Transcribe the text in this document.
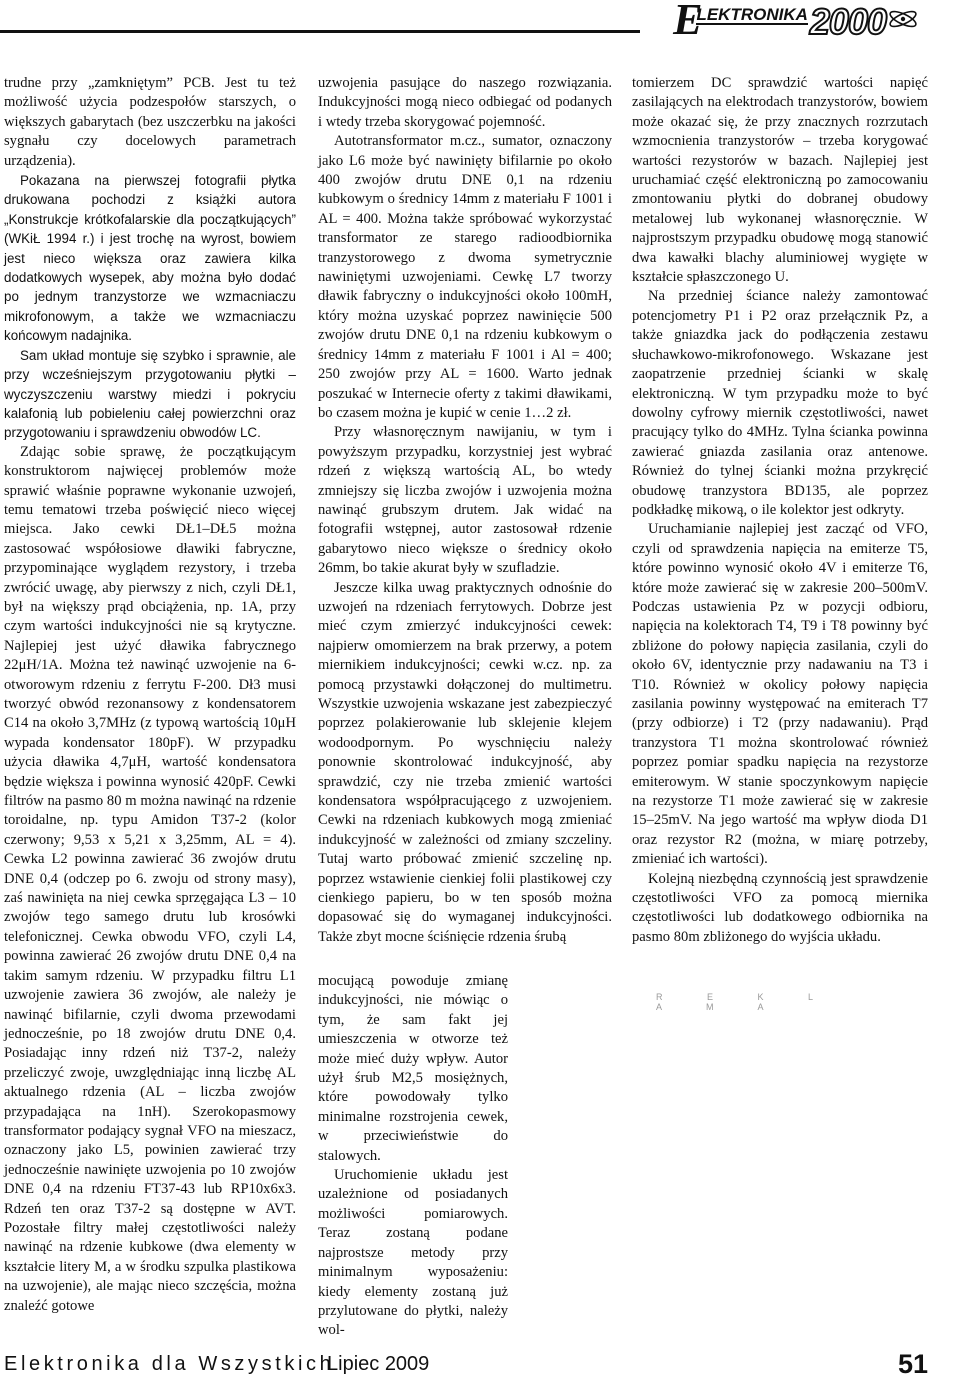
E
LEKTRONIKA 2000

trudne przy „zamkniętym” PCB. Jest tu też możliwość użycia podzespołów starszych, o większych gabarytach (bez uszczerbku na jakości sygnału czy docelowych parametrach urządzenia).

Pokazana na pierwszej fotografii płytka drukowana pochodzi z książki autora „Konstrukcje krótkofalarskie dla początkujących” (WKiŁ 1994 r.) i jest trochę na wyrost, bowiem jest nieco większa oraz zawiera kilka dodatkowych wysepek, aby można było dodać po jednym tranzystorze we wzmacniaczu mikrofonowym, a także we wzmacniaczu końcowym nadajnika.

Sam układ montuje się szybko i sprawnie, ale przy wcześniejszym przygotowaniu płytki – wyczyszczeniu warstwy miedzi i pokryciu kalafonią lub pobieleniu całej powierzchni oraz przygotowaniu i sprawdzeniu obwodów LC.

Zdając sobie sprawę, że początkującym konstruktorom najwięcej problemów może sprawić właśnie poprawne wykonanie uzwojeń, temu tematowi trzeba poświęcić nieco więcej miejsca. Jako cewki DŁ1–DŁ5 można zastosować współosiowe dławiki fabryczne, przypominające wyglądem rezystory, i trzeba zwrócić uwagę, aby pierwszy z nich, czyli DŁ1, był na większy prąd obciążenia, np. 1A, przy czym wartości indukcyjności nie są krytyczne. Najlepiej jest użyć dławika fabrycznego 22μH/1A. Można też nawinąć uzwojenie na 6-otworowym rdzeniu z ferrytu F-200. Dł3 musi tworzyć obwód rezonansowy z kondensatorem C14 na około 3,7MHz (z typową wartością 10μH wypada kondensator 180pF). W przypadku użycia dławika 4,7μH, wartość kondensatora będzie większa i powinna wynosić 420pF. Cewki filtrów na pasmo 80 m można nawinąć na rdzenie toroidalne, np. typu Amidon T37-2 (kolor czerwony; 9,53 x 5,21 x 3,25mm, AL = 4). Cewka L2 powinna zawierać 36 zwojów drutu DNE 0,4 (odczep po 6. zwoju od strony masy), zaś nawinięta na niej cewka sprzęgająca L3 – 10 zwojów tego samego drutu lub krosówki telefonicznej. Cewka obwodu VFO, czyli L4, powinna zawierać 26 zwojów drutu DNE 0,4 na takim samym rdzeniu. W przypadku filtru L1 uzwojenie zawiera 36 zwojów, ale należy je nawinąć bifilarnie, czyli dwoma przewodami jednocześnie, po 18 zwojów drutu DNE 0,4. Posiadając inny rdzeń niż T37-2, należy przeliczyć zwoje, uwzględniając inną liczbę AL aktualnego rdzenia (AL – liczba zwojów przypadająca na 1nH). Szerokopasmowy transformator podający sygnał VFO na mieszacz, oznaczony jako L5, powinien zawierać trzy jednocześnie nawinięte uzwojenia po 10 zwojów DNE 0,4 na rdzeniu FT37-43 lub RP10x6x3. Rdzeń ten oraz T37-2 są dostępne w AVT. Pozostałe filtry małej częstotliwości należy nawinąć na rdzenie kubkowe (dwa elementy w kształcie litery M, a w środku szpulka plastikowa na uzwojenie), ale mając nieco szczęścia, można znaleźć gotowe

uzwojenia pasujące do naszego rozwiązania. Indukcyjności mogą nieco odbiegać od podanych i wtedy trzeba skorygować pojemność.

Autotransformator m.cz., sumator, oznaczony jako L6 może być nawinięty bifilarnie po około 400 zwojów drutu DNE 0,1 na rdzeniu kubkowym o średnicy 14mm z materiału F 1001 i AL = 400. Można także spróbować wykorzystać transformator ze starego radioodbiornika tranzystorowego z dwoma symetrycznie nawiniętymi uzwojeniami. Cewkę L7 tworzy dławik fabryczny o indukcyjności około 100mH, który można uzyskać poprzez nawinięcie 500 zwojów drutu DNE 0,1 na rdzeniu kubkowym o średnicy 14mm z materiału F 1001 i Al = 400; 250 zwojów przy AL = 1600. Warto jednak poszukać w Internecie oferty z takimi dławikami, bo czasem można je kupić w cenie 1…2 zł.

Przy własnoręcznym nawijaniu, w tym i powyższym przypadku, korzystniej jest wybrać rdzeń z większą wartością AL, bo wtedy zmniejszy się liczba zwojów i uzwojenia można nawinąć grubszym drutem. Jak widać na fotografii wstępnej, autor zastosował rdzenie gabarytowo nieco większe o średnicy około 26mm, bo takie akurat były w szufladzie.

Jeszcze kilka uwag praktycznych odnośnie do uzwojeń na rdzeniach ferrytowych. Dobrze jest mieć czym zmierzyć indukcyjności cewek: najpierw omomierzem na brak przerwy, a potem miernikiem indukcyjności; cewki w.cz. np. za pomocą przystawki dołączonej do multimetru. Wszystkie uzwojenia wskazane jest zabezpieczyć poprzez polakierowanie lub sklejenie klejem wodoodpornym. Po wyschnięciu należy ponownie skontrolować indukcyjność, aby sprawdzić, czy nie trzeba zmienić wartości kondensatora współpracującego z uzwojeniem. Cewki na rdzeniach kubkowych mogą zmieniać indukcyjność w zależności od zmiany szczeliny. Tutaj warto próbować zmienić szczelinę np. poprzez wstawienie cienkiej folii plastikowej czy cienkiego papieru, bo w ten sposób można dopasować się do wymaganej indukcyjności. Także zbyt mocne ściśnięcie rdzenia śrubą

mocującą powoduje zmianę indukcyjności, nie mówiąc o tym, że sam fakt jej umieszczenia w otworze też może mieć duży wpływ. Autor użył śrub M2,5 mosiężnych, które powodowały tylko minimalne rozstrojenia cewek, w przeciwieństwie do stalowych.

Uruchomienie układu jest uzależnione od posiadanych możliwości pomiarowych. Teraz zostaną podane najprostsze metody przy minimalnym wyposażeniu: kiedy elementy zostaną już przylutowane do płytki, należy wol-

tomierzem DC sprawdzić wartości napięć zasilających na elektrodach tranzystorów, bowiem może okazać się, że przy znacznych rozrzutach wzmocnienia tranzystorów – trzeba korygować wartości rezystorów w bazach. Najlepiej jest uruchamiać część elektroniczną po zamocowaniu zmontowaniu płytki do dobranej obudowy metalowej lub wykonanej własnoręcznie. W najprostszym przypadku obudowę mogą stanowić dwa kawałki blachy aluminiowej wygięte w kształcie spłaszczonego U.

Na przedniej ściance należy zamontować potencjometry P1 i P2 oraz przełącznik Pz, a także gniazdka jack do podłączenia zestawu słuchawkowo-mikrofonowego. Wskazane jest zaopatrzenie przedniej ścianki w skalę elektroniczną. W tym przypadku może to być dowolny cyfrowy miernik częstotliwości, nawet pracujący tylko do 4MHz. Tylna ścianka powinna zawierać gniazda zasilania oraz antenowe. Również do tylnej ścianki można przykręcić obudowę tranzystora BD135, ale poprzez podkładkę mikową, o ile kolektor jest odkryty.

Uruchamianie najlepiej jest zacząć od VFO, czyli od sprawdzenia napięcia na emiterze T5, które powinno wynosić około 4V i emiterze T6, które może zawierać się w zakresie 200–500mV. Podczas ustawienia Pz w pozycji odbioru, napięcia na kolektorach T4, T9 i T8 powinny być zbliżone do połowy napięcia zasilania, czyli do około 6V, identycznie przy nadawaniu na T3 i T10. Również w okolicy połowy napięcia zasilania powinny występować na emiterach T7 (przy odbiorze) i T2 (przy nadawaniu). Prąd tranzystora T1 można skontrolować również poprzez pomiar spadku napięcia na rezystorze emiterowym. W stanie spoczynkowym napięcie na rezystorze T1 może zawierać się w zakresie 15–25mV. Na jego wartość ma wpływ dioda D1 oraz rezystor R2 (można, w miarę potrzeby, zmieniać ich wartości).

Kolejną niezbędną czynnością jest sprawdzenie częstotliwości VFO za pomocą miernika częstotliwości lub dodatkowego odbiornika na pasmo 80m zbliżonego do wyjścia układu.

R E K L A M A
Elektronika dla Wszystkich
Lipiec 2009	51
